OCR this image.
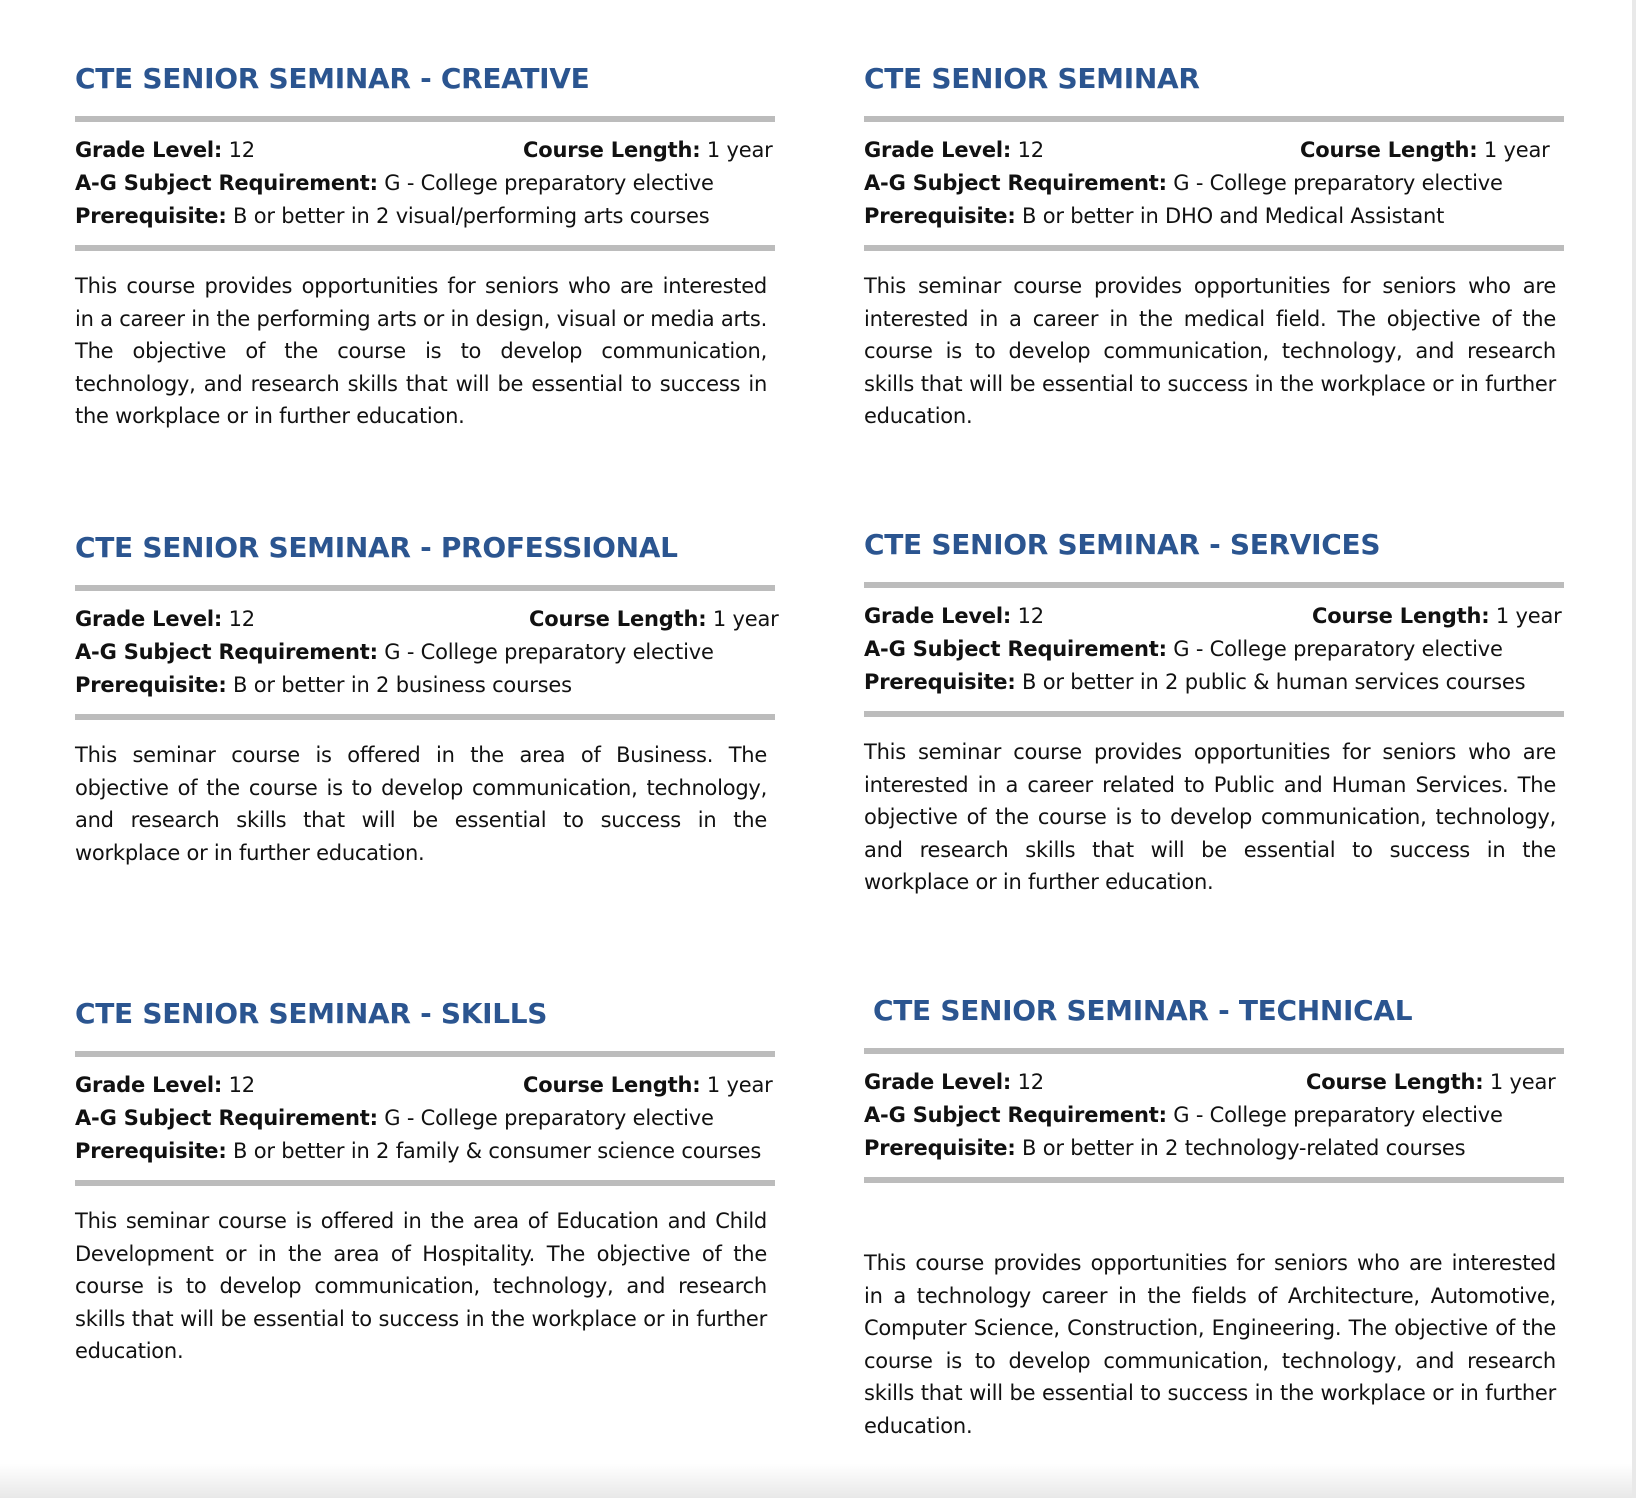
CTE SENIOR SEMINAR - CREATIVE
Grade Level: 12	Course Length: 1 year
A-G Subject Requirement: G - College preparatory elective
Prerequisite: B or better in 2 visual/performing arts courses

This course provides opportunities for seniors who are interested in a career in the performing arts or in design, visual or media arts. The objective of the course is to develop communication, technology, and research skills that will be essential to success in the workplace or in further education.

CTE SENIOR SEMINAR
Grade Level: 12	Course Length: 1 year
A-G Subject Requirement: G - College preparatory elective
Prerequisite: B or better in DHO and Medical Assistant

This seminar course provides opportunities for seniors who are interested in a career in the medical field. The objective of the course is to develop communication, technology, and research skills that will be essential to success in the workplace or in further education.

CTE SENIOR SEMINAR - PROFESSIONAL
Grade Level: 12	Course Length: 1 year
A-G Subject Requirement: G - College preparatory elective
Prerequisite: B or better in 2 business courses

This seminar course is offered in the area of Business. The objective of the course is to develop communication, technology, and research skills that will be essential to success in the workplace or in further education.

CTE SENIOR SEMINAR - SERVICES
Grade Level: 12	Course Length: 1 year
A-G Subject Requirement: G - College preparatory elective
Prerequisite: B or better in 2 public & human services courses

This seminar course provides opportunities for seniors who are interested in a career related to Public and Human Services. The objective of the course is to develop communication, technology, and research skills that will be essential to success in the workplace or in further education.

CTE SENIOR SEMINAR - SKILLS
Grade Level: 12	Course Length: 1 year
A-G Subject Requirement: G - College preparatory elective
Prerequisite: B or better in 2 family & consumer science courses

This seminar course is offered in the area of Education and Child Development or in the area of Hospitality. The objective of the course is to develop communication, technology, and research skills that will be essential to success in the workplace or in further education.

CTE SENIOR SEMINAR - TECHNICAL
Grade Level: 12	Course Length: 1 year
A-G Subject Requirement: G - College preparatory elective
Prerequisite: B or better in 2 technology-related courses

This course provides opportunities for seniors who are interested in a technology career in the fields of Architecture, Automotive, Computer Science, Construction, Engineering. The objective of the course is to develop communication, technology, and research skills that will be essential to success in the workplace or in further education.
